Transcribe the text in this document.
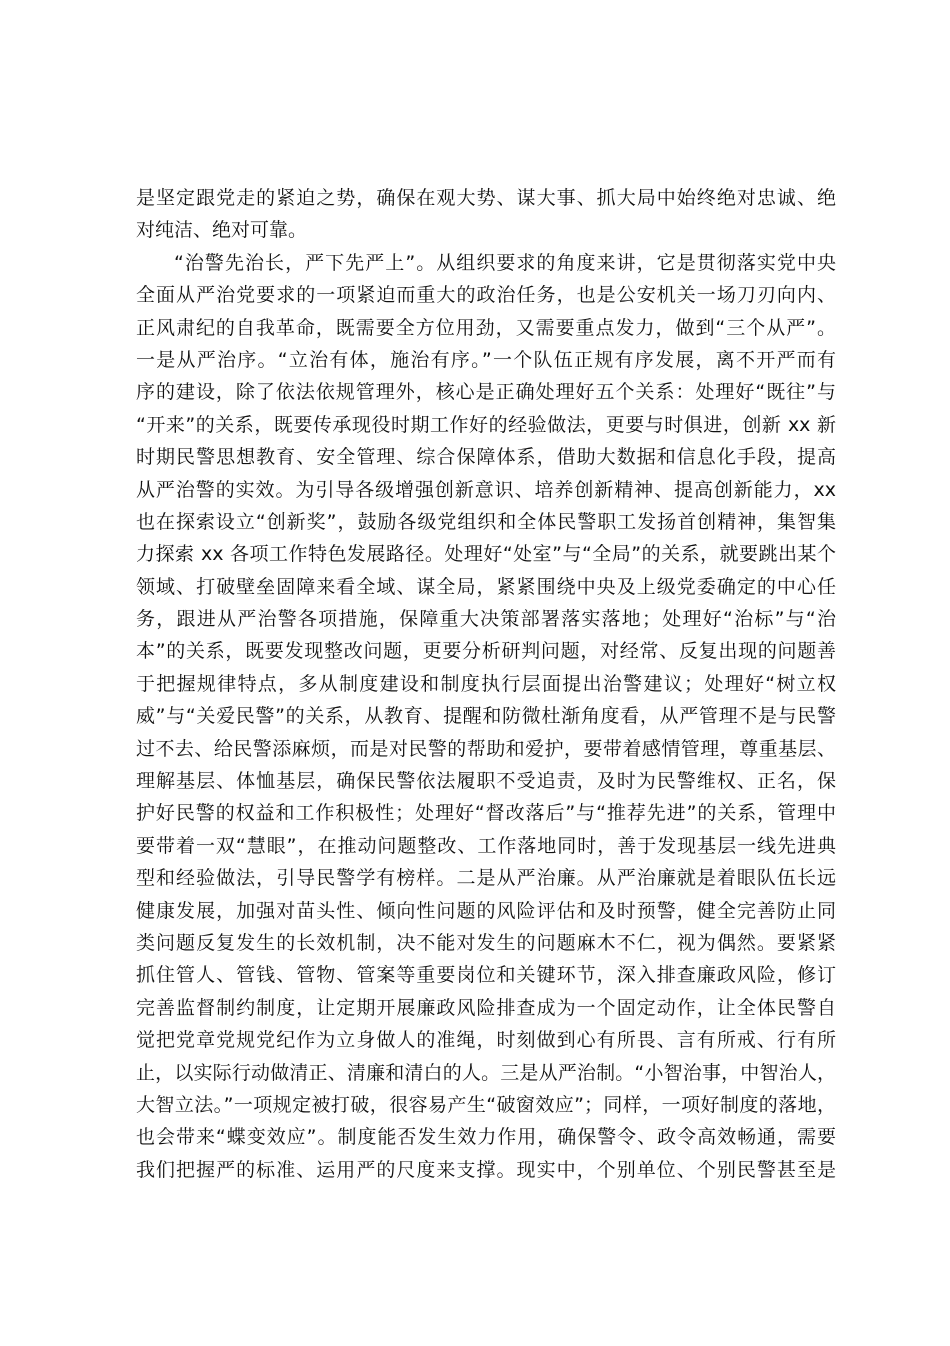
是坚定跟党走的紧迫之势，确保在观大势、谋大事、抓大局中始终绝对忠诚、绝
对纯洁、绝对可靠。
“治警先治长，严下先严上”。从组织要求的角度来讲，它是贯彻落实党中央
全面从严治党要求的一项紧迫而重大的政治任务，也是公安机关一场刀刃向内、
正风肃纪的自我革命，既需要全方位用劲，又需要重点发力，做到“三个从严”。
一是从严治序。“立治有体，施治有序。”一个队伍正规有序发展，离不开严而有
序的建设，除了依法依规管理外，核心是正确处理好五个关系：处理好“既往”与
“开来”的关系，既要传承现役时期工作好的经验做法，更要与时俱进，创新 xx 新
时期民警思想教育、安全管理、综合保障体系，借助大数据和信息化手段，提高
从严治警的实效。为引导各级增强创新意识、培养创新精神、提高创新能力，xx
也在探索设立“创新奖”，鼓励各级党组织和全体民警职工发扬首创精神，集智集
力探索 xx 各项工作特色发展路径。处理好“处室”与“全局”的关系，就要跳出某个
领域、打破壁垒固障来看全域、谋全局，紧紧围绕中央及上级党委确定的中心任
务，跟进从严治警各项措施，保障重大决策部署落实落地；处理好“治标”与“治
本”的关系，既要发现整改问题，更要分析研判问题，对经常、反复出现的问题善
于把握规律特点，多从制度建设和制度执行层面提出治警建议；处理好“树立权
威”与“关爱民警”的关系，从教育、提醒和防微杜渐角度看，从严管理不是与民警
过不去、给民警添麻烦，而是对民警的帮助和爱护，要带着感情管理，尊重基层、
理解基层、体恤基层，确保民警依法履职不受追责，及时为民警维权、正名，保
护好民警的权益和工作积极性；处理好“督改落后”与“推荐先进”的关系，管理中
要带着一双“慧眼”，在推动问题整改、工作落地同时，善于发现基层一线先进典
型和经验做法，引导民警学有榜样。二是从严治廉。从严治廉就是着眼队伍长远
健康发展，加强对苗头性、倾向性问题的风险评估和及时预警，健全完善防止同
类问题反复发生的长效机制，决不能对发生的问题麻木不仁，视为偶然。要紧紧
抓住管人、管钱、管物、管案等重要岗位和关键环节，深入排查廉政风险，修订
完善监督制约制度，让定期开展廉政风险排查成为一个固定动作，让全体民警自
觉把党章党规党纪作为立身做人的准绳，时刻做到心有所畏、言有所戒、行有所
止，以实际行动做清正、清廉和清白的人。三是从严治制。“小智治事，中智治人，
大智立法。”一项规定被打破，很容易产生“破窗效应”；同样，一项好制度的落地，
也会带来“蝶变效应”。制度能否发生效力作用，确保警令、政令高效畅通，需要
我们把握严的标准、运用严的尺度来支撑。现实中，个别单位、个别民警甚至是
